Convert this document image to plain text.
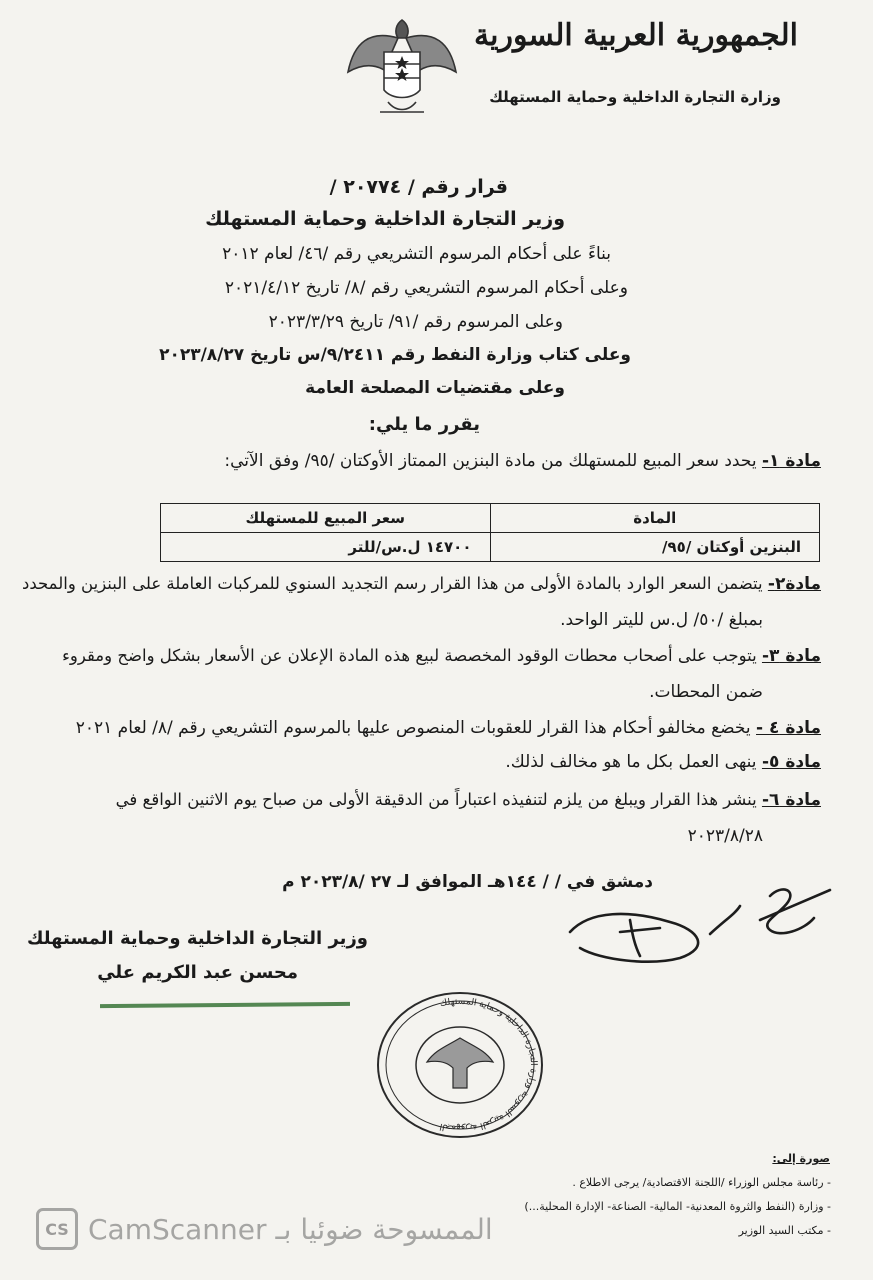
الجمهورية العربية السورية
وزارة التجارة الداخلية وحماية المستهلك
قرار رقم / ٢٠٧٧٤ /
وزير التجارة الداخلية وحماية المستهلك
بناءً على أحكام المرسوم التشريعي رقم /٤٦/ لعام ٢٠١٢
وعلى أحكام المرسوم التشريعي رقم /٨/ تاريخ ٢٠٢١/٤/١٢
وعلى المرسوم رقم /٩١/ تاريخ ٢٠٢٣/٣/٢٩
وعلى كتاب وزارة النفط رقم ٩/٢٤١١/س تاريخ ٢٠٢٣/٨/٢٧
وعلى مقتضيات المصلحة العامة
يقرر ما يلي:
مادة ١- يحدد سعر المبيع للمستهلك من مادة البنزين الممتاز الأوكتان /٩٥/ وفق الآتي:
المادة	سعر المبيع للمستهلك
البنزين أوكتان /٩٥/	١٤٧٠٠ ل.س/للتر
مادة٢- يتضمن السعر الوارد بالمادة الأولى من هذا القرار رسم التجديد السنوي للمركبات العاملة على البنزين والمحدد
بمبلغ /٥٠/ ل.س لليتر الواحد.
مادة ٣- يتوجب على أصحاب محطات الوقود المخصصة لبيع هذه المادة الإعلان عن الأسعار بشكل واضح ومقروء
ضمن المحطات.
مادة ٤ - يخضع مخالفو أحكام هذا القرار للعقوبات المنصوص عليها بالمرسوم التشريعي رقم /٨/ لعام ٢٠٢١
مادة ٥- ينهى العمل بكل ما هو مخالف لذلك.
مادة ٦- ينشر هذا القرار ويبلغ من يلزم لتنفيذه اعتباراً من الدقيقة الأولى من صباح يوم الاثنين الواقع في
٢٠٢٣/٨/٢٨
دمشق في / / ١٤٤هـ الموافق لـ ٢٧ /٢٠٢٣/٨ م
وزير التجارة الداخلية وحماية المستهلك
محسن عبد الكريم علي
الجمهورية العربية السورية وزارة التجارة الداخلية وحماية المستهلك
صورة إلى:
- رئاسة مجلس الوزراء /اللجنة الاقتصادية/ يرجى الاطلاع .
- وزارة (النفط والثروة المعدنية- المالية- الصناعة- الإدارة المحلية...)
- مكتب السيد الوزير
CS CamScanner الممسوحة ضوئيا بـ
